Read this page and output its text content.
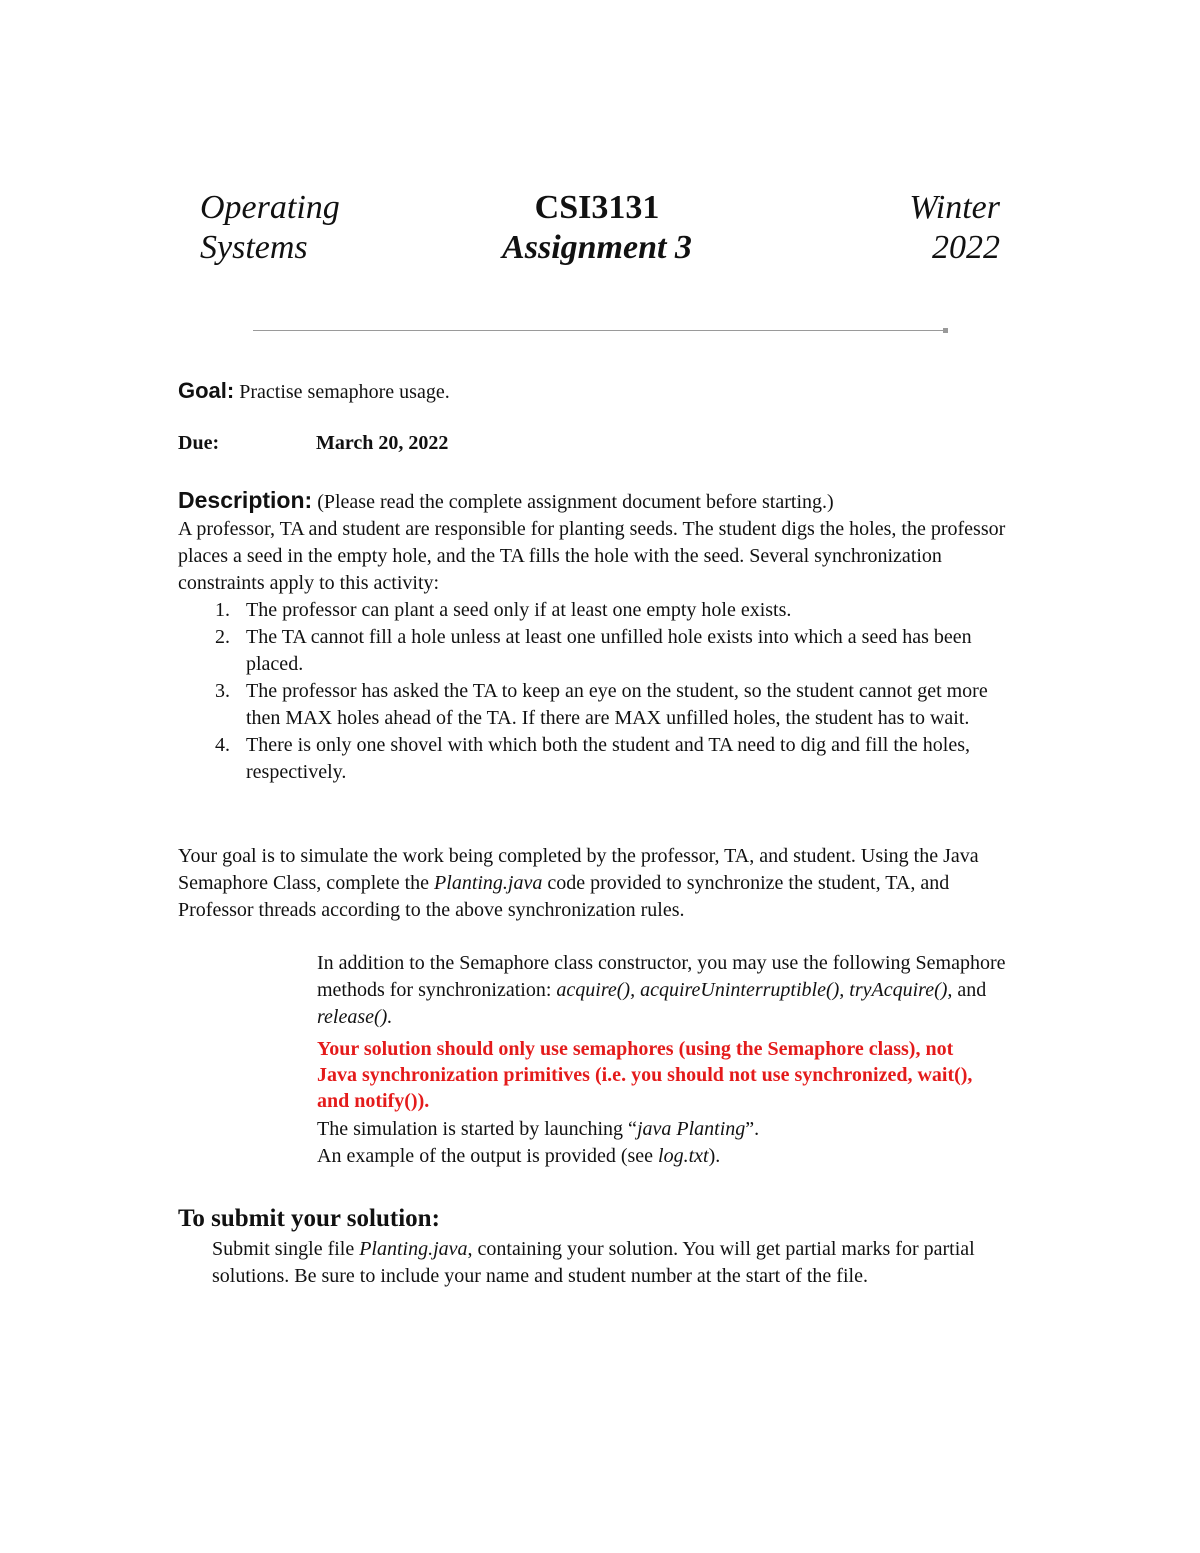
Operating
Systems
CSI3131
Assignment 3
Winter
2022
Goal: Practise semaphore usage.
Due:	March 20, 2022

Description: (Please read the complete assignment document before starting.)

A professor, TA and student are responsible for planting seeds. The student digs the holes, the professor places a seed in the empty hole, and the TA fills the hole with the seed. Several synchronization constraints apply to this activity:

1. The professor can plant a seed only if at least one empty hole exists.
2. The TA cannot fill a hole unless at least one unfilled hole exists into which a seed has been placed.
3. The professor has asked the TA to keep an eye on the student, so the student cannot get more then MAX holes ahead of the TA. If there are MAX unfilled holes, the student has to wait.
4. There is only one shovel with which both the student and TA need to dig and fill the holes, respectively.

Your goal is to simulate the work being completed by the professor, TA, and student. Using the Java Semaphore Class, complete the Planting.java code provided to synchronize the student, TA, and Professor threads according to the above synchronization rules.

In addition to the Semaphore class constructor, you may use the following Semaphore methods for synchronization: acquire(), acquireUninterruptible(), tryAcquire(), and release().

Your solution should only use semaphores (using the Semaphore class), not Java synchronization primitives (i.e. you should not use synchronized, wait(), and notify()).

The simulation is started by launching “java Planting”.

An example of the output is provided (see log.txt).

To submit your solution:

Submit single file Planting.java, containing your solution. You will get partial marks for partial solutions. Be sure to include your name and student number at the start of the file.
